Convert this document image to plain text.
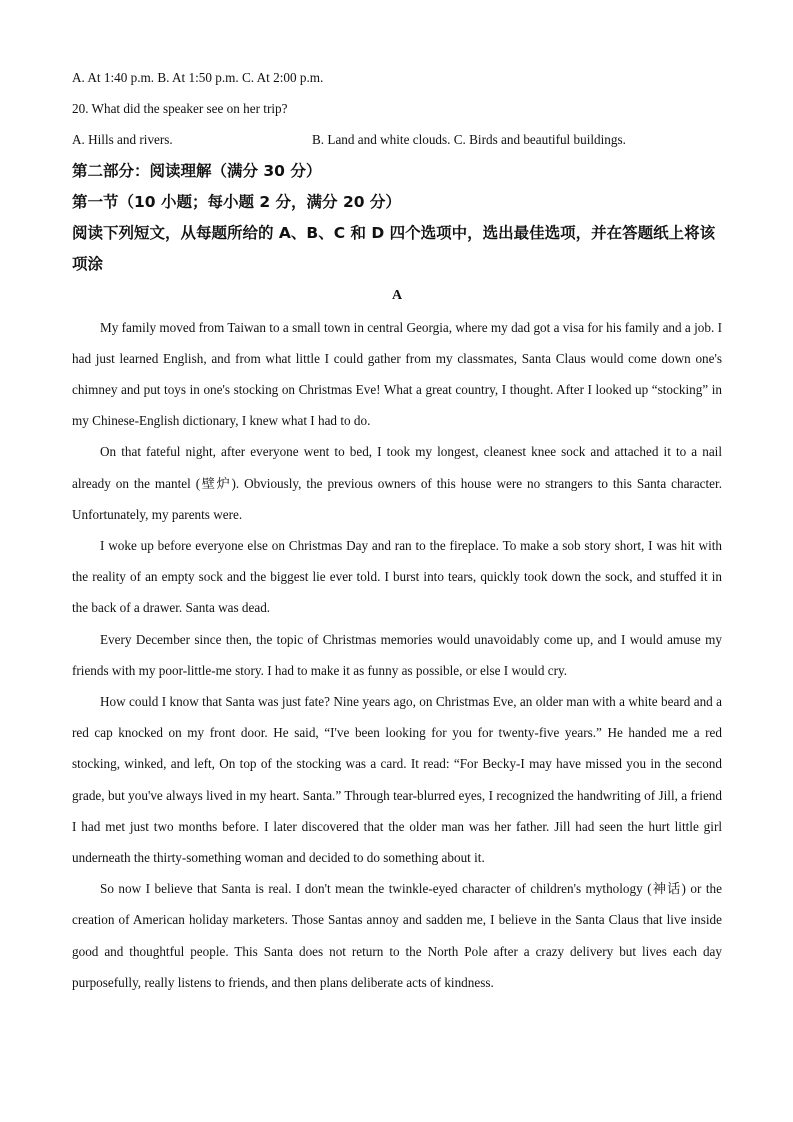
A. At 1:40 p.m. B. At 1:50 p.m. C. At 2:00 p.m.
20. What did the speaker see on her trip?
A. Hills and rivers.	B. Land and white clouds. C. Birds and beautiful buildings.
第二部分：阅读理解（满分 30 分）
第一节（10 小题；每小题 2 分，满分 20 分）
阅读下列短文，从每题所给的 A、B、C 和 D 四个选项中，选出最佳选项，并在答题纸上将该项涂
A

My family moved from Taiwan to a small town in central Georgia, where my dad got a visa for his family and a job. I had just learned English, and from what little I could gather from my classmates, Santa Claus would come down one's chimney and put toys in one's stocking on Christmas Eve! What a great country, I thought. After I looked up “stocking” in my Chinese-English dictionary, I knew what I had to do.

On that fateful night, after everyone went to bed, I took my longest, cleanest knee sock and attached it to a nail already on the mantel (壁炉). Obviously, the previous owners of this house were no strangers to this Santa character. Unfortunately, my parents were.

I woke up before everyone else on Christmas Day and ran to the fireplace. To make a sob story short, I was hit with the reality of an empty sock and the biggest lie ever told. I burst into tears, quickly took down the sock, and stuffed it in the back of a drawer. Santa was dead.

Every December since then, the topic of Christmas memories would unavoidably come up, and I would amuse my friends with my poor-little-me story. I had to make it as funny as possible, or else I would cry.

How could I know that Santa was just fate? Nine years ago, on Christmas Eve, an older man with a white beard and a red cap knocked on my front door. He said, “I've been looking for you for twenty-five years.” He handed me a red stocking, winked, and left, On top of the stocking was a card. It read: “For Becky-I may have missed you in the second grade, but you've always lived in my heart. Santa.” Through tear-blurred eyes, I recognized the handwriting of Jill, a friend I had met just two months before. I later discovered that the older man was her father. Jill had seen the hurt little girl underneath the thirty-something woman and decided to do something about it.

So now I believe that Santa is real. I don't mean the twinkle-eyed character of children's mythology (神话) or the creation of American holiday marketers. Those Santas annoy and sadden me, I believe in the Santa Claus that live inside good and thoughtful people. This Santa does not return to the North Pole after a crazy delivery but lives each day purposefully, really listens to friends, and then plans deliberate acts of kindness.
